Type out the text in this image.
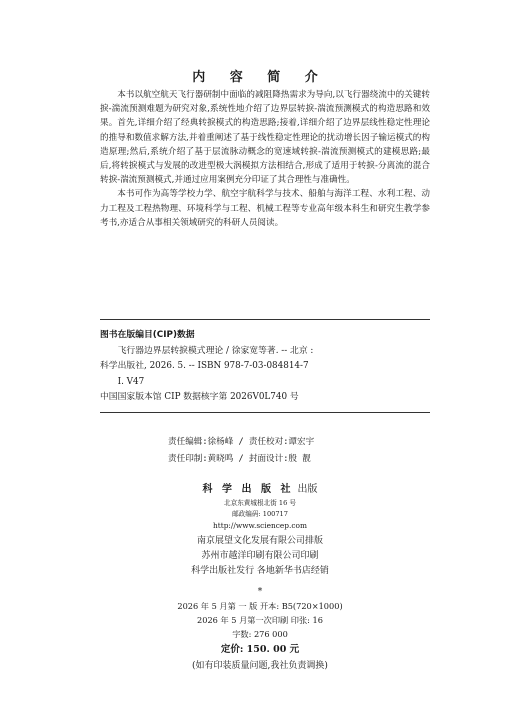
内 容 简 介

本书以航空航天飞行器研制中面临的减阻降热需求为导向,以飞行器绕流中的关键转捩-湍流预测难题为研究对象,系统性地介绍了边界层转捩-湍流预测模式的构造思路和效果。首先,详细介绍了经典转捩模式的构造思路;接着,详细介绍了边界层线性稳定性理论的推导和数值求解方法,并着重阐述了基于线性稳定性理论的扰动增长因子输运模式的构造原理;然后,系统介绍了基于层流脉动概念的宽速域转捩-湍流预测模式的建模思路;最后,将转捩模式与发展的改进型极大涡模拟方法相结合,形成了适用于转捩-分离流的混合转捩-湍流预测模式,并通过应用案例充分印证了其合理性与准确性。

本书可作为高等学校力学、航空宇航科学与技术、船舶与海洋工程、水利工程、动力工程及工程热物理、环境科学与工程、机械工程等专业高年级本科生和研究生教学参考书,亦适合从事相关领域研究的科研人员阅读。

图书在版编目(CIP)数据
飞行器边界层转捩模式理论 / 徐家宽等著. -- 北京 :
科学出版社, 2026. 5. -- ISBN 978-7-03-084814-7
Ⅰ. V47
中国国家版本馆 CIP 数据核字第 2026V0L740 号
责任编辑:徐杨峰 / 责任校对:谭宏宇
责任印制:黄晓鸣 / 封面设计:殷 靓
科 学 出 版 社 出版
北京东黄城根北街 16 号
邮政编码: 100717
http://www.sciencep.com
南京展望文化发展有限公司排版
苏州市越洋印刷有限公司印刷
科学出版社发行 各地新华书店经销
*
2026 年 5 月第 一 版 开本: B5(720×1000)
2026 年 5 月第一次印刷 印张: 16
字数: 276 000
定价: 150. 00 元
(如有印装质量问题,我社负责调换)
